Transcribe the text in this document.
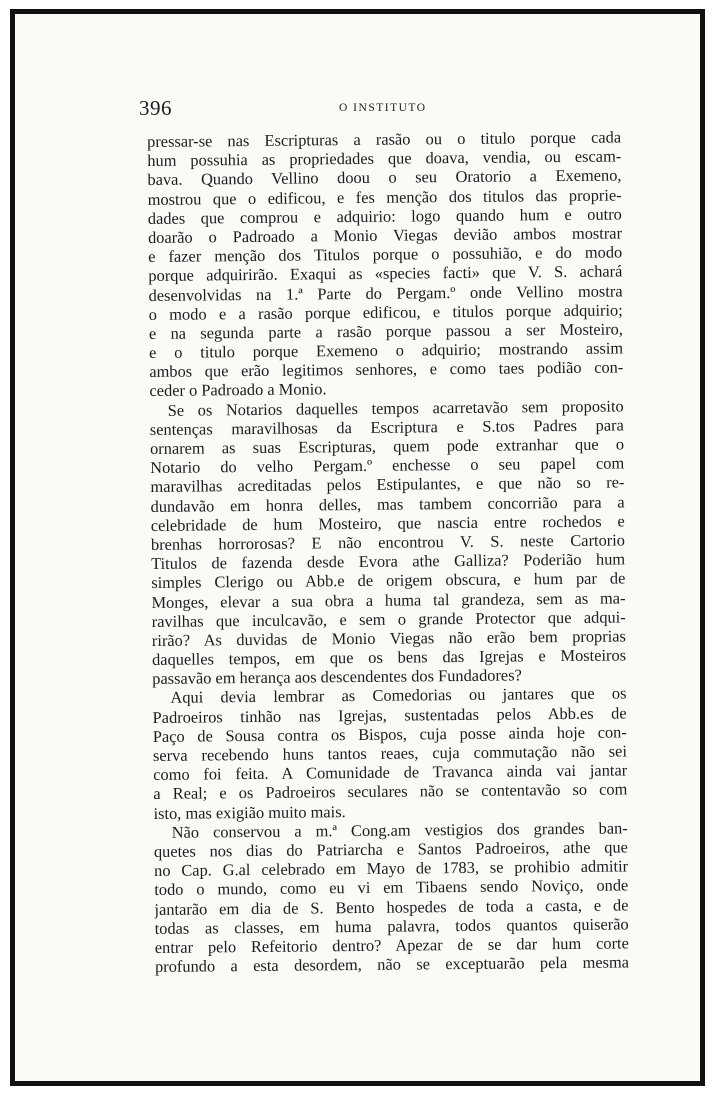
396	O INSTITUTO
pressar-se nas Escripturas a rasão ou o titulo porque cada
hum possuhia as propriedades que doava, vendia, ou escam-
bava. Quando Vellino doou o seu Oratorio a Exemeno,
mostrou que o edificou, e fes menção dos titulos das proprie-
dades que comprou e adquirio: logo quando hum e outro
doarão o Padroado a Monio Viegas devião ambos mostrar
e fazer menção dos Titulos porque o possuhião, e do modo
porque adquirirão. Exaqui as «species facti» que V. S. achará
desenvolvidas na 1.ª Parte do Pergam.º onde Vellino mostra
o modo e a rasão porque edificou, e titulos porque adquirio;
e na segunda parte a rasão porque passou a ser Mosteiro,
e o titulo porque Exemeno o adquirio; mostrando assim
ambos que erão legitimos senhores, e como taes podião con-
ceder o Padroado a Monio.
Se os Notarios daquelles tempos acarretavão sem proposito
sentenças maravilhosas da Escriptura e S.tos Padres para
ornarem as suas Escripturas, quem pode extranhar que o
Notario do velho Pergam.º enchesse o seu papel com
maravilhas acreditadas pelos Estipulantes, e que não so re-
dundavão em honra delles, mas tambem concorrião para a
celebridade de hum Mosteiro, que nascia entre rochedos e
brenhas horrorosas? E não encontrou V. S. neste Cartorio
Titulos de fazenda desde Evora athe Galliza? Poderião hum
simples Clerigo ou Abb.e de origem obscura, e hum par de
Monges, elevar a sua obra a huma tal grandeza, sem as ma-
ravilhas que inculcavão, e sem o grande Protector que adqui-
rirão? As duvidas de Monio Viegas não erão bem proprias
daquelles tempos, em que os bens das Igrejas e Mosteiros
passavão em herança aos descendentes dos Fundadores?
Aqui devia lembrar as Comedorias ou jantares que os
Padroeiros tinhão nas Igrejas, sustentadas pelos Abb.es de
Paço de Sousa contra os Bispos, cuja posse ainda hoje con-
serva recebendo huns tantos reaes, cuja commutação não sei
como foi feita. A Comunidade de Travanca ainda vai jantar
a Real; e os Padroeiros seculares não se contentavão so com
isto, mas exigião muito mais.
Não conservou a m.ª Cong.am vestigios dos grandes ban-
quetes nos dias do Patriarcha e Santos Padroeiros, athe que
no Cap. G.al celebrado em Mayo de 1783, se prohibio admitir
todo o mundo, como eu vi em Tibaens sendo Noviço, onde
jantarão em dia de S. Bento hospedes de toda a casta, e de
todas as classes, em huma palavra, todos quantos quiserão
entrar pelo Refeitorio dentro? Apezar de se dar hum corte
profundo a esta desordem, não se exceptuarão pela mesma
